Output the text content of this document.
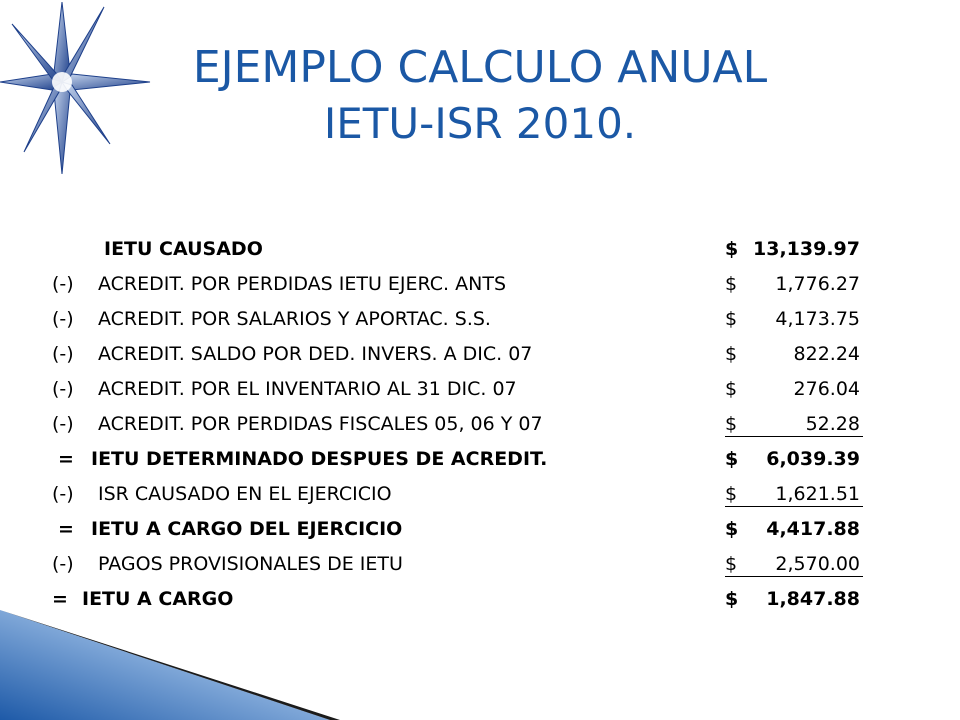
EJEMPLO CALCULO ANUAL
IETU-ISR 2010.
IETU CAUSADO	$ 13,139.97
(-) ACREDIT. POR PERDIDAS IETU EJERC. ANTS	$ 1,776.27
(-) ACREDIT. POR SALARIOS Y APORTAC. S.S.	$ 4,173.75
(-) ACREDIT. SALDO POR DED. INVERS. A DIC. 07	$	822.24
(-) ACREDIT. POR EL INVENTARIO AL 31 DIC. 07	$	276.04
(-) ACREDIT. POR PERDIDAS FISCALES 05, 06 Y 07	$	52.28
= IETU DETERMINADO DESPUES DE ACREDIT.	$ 6,039.39
(-) ISR CAUSADO EN EL EJERCICIO	$ 1,621.51
= IETU A CARGO DEL EJERCICIO	$ 4,417.88
(-) PAGOS PROVISIONALES DE IETU	$ 2,570.00
= IETU A CARGO	$ 1,847.88
